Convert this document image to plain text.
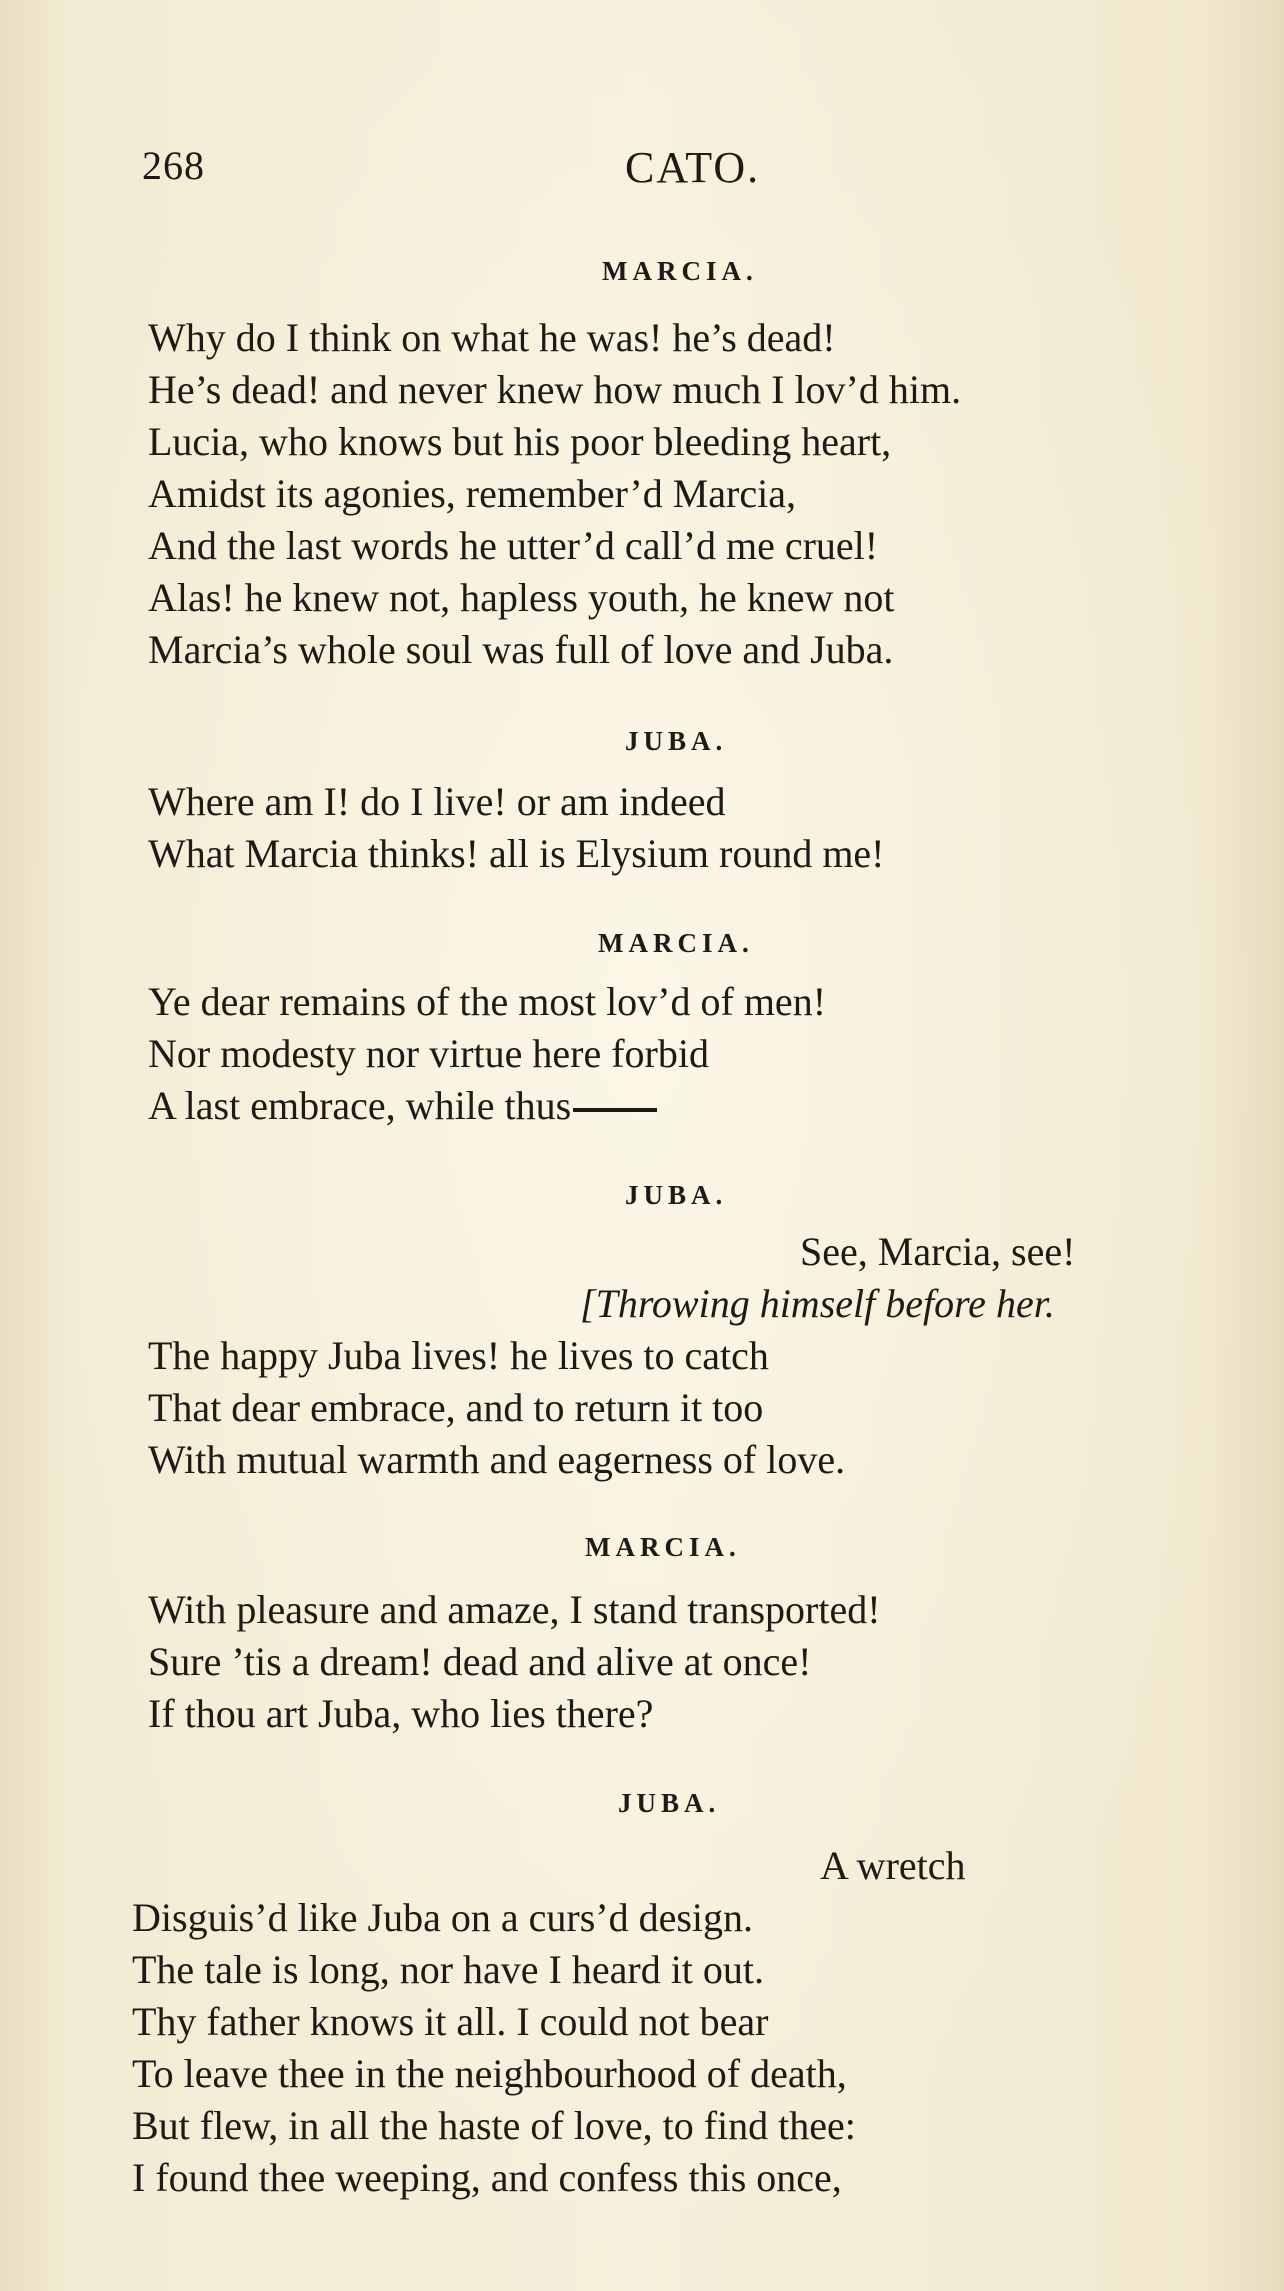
268	CATO.
MARCIA.
Why do I think on what he was! he’s dead!
He’s dead! and never knew how much I lov’d him.
Lucia, who knows but his poor bleeding heart,
Amidst its agonies, remember’d Marcia,
And the last words he utter’d call’d me cruel!
Alas! he knew not, hapless youth, he knew not
Marcia’s whole soul was full of love and Juba.
JUBA.
Where am I! do I live! or am indeed
What Marcia thinks! all is Elysium round me!
MARCIA.
Ye dear remains of the most lov’d of men!
Nor modesty nor virtue here forbid
A last embrace, while thus
JUBA.
See, Marcia, see!
[Throwing himself before her.
The happy Juba lives! he lives to catch
That dear embrace, and to return it too
With mutual warmth and eagerness of love.
MARCIA.
With pleasure and amaze, I stand transported!
Sure ’tis a dream! dead and alive at once!
If thou art Juba, who lies there?
JUBA.
A wretch
Disguis’d like Juba on a curs’d design.
The tale is long, nor have I heard it out.
Thy father knows it all. I could not bear
To leave thee in the neighbourhood of death,
But flew, in all the haste of love, to find thee:
I found thee weeping, and confess this once,
